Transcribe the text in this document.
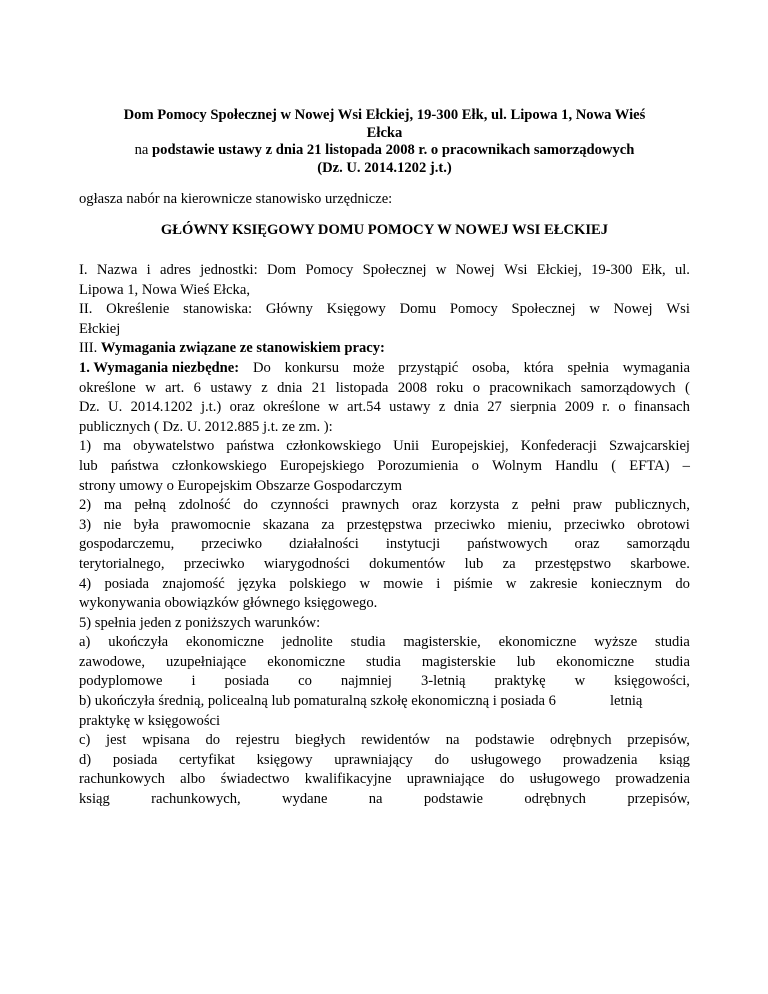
Dom Pomocy Społecznej w Nowej Wsi Ełckiej, 19-300 Ełk, ul. Lipowa 1, Nowa Wieś
Ełcka
na podstawie ustawy z dnia 21 listopada 2008 r. o pracownikach samorządowych
(Dz. U. 2014.1202 j.t.)
ogłasza nabór na kierownicze stanowisko urzędnicze:
GŁÓWNY KSIĘGOWY DOMU POMOCY W NOWEJ WSI EŁCKIEJ
I. Nazwa i adres jednostki: Dom Pomocy Społecznej w Nowej Wsi Ełckiej, 19-300 Ełk, ul.
Lipowa 1, Nowa Wieś Ełcka,
II. Określenie stanowiska: Główny Księgowy Domu Pomocy Społecznej w Nowej Wsi
Ełckiej
III. Wymagania związane ze stanowiskiem pracy:
1. Wymagania niezbędne: Do konkursu może przystąpić osoba, która spełnia wymagania
określone w art. 6 ustawy z dnia 21 listopada 2008 roku o pracownikach samorządowych (
Dz. U. 2014.1202 j.t.) oraz określone w art.54 ustawy z dnia 27 sierpnia 2009 r. o finansach
publicznych ( Dz. U. 2012.885 j.t. ze zm. ):
1) ma obywatelstwo państwa członkowskiego Unii Europejskiej, Konfederacji Szwajcarskiej
lub państwa członkowskiego Europejskiego Porozumienia o Wolnym Handlu ( EFTA) –
strony umowy o Europejskim Obszarze Gospodarczym
2) ma pełną zdolność do czynności prawnych oraz korzysta z pełni praw publicznych,
3) nie była prawomocnie skazana za przestępstwa przeciwko mieniu, przeciwko obrotowi
gospodarczemu, przeciwko działalności instytucji państwowych oraz samorządu
terytorialnego, przeciwko wiarygodności dokumentów lub za przestępstwo skarbowe.
4) posiada znajomość języka polskiego w mowie i piśmie w zakresie koniecznym do
wykonywania obowiązków głównego księgowego.
5) spełnia jeden z poniższych warunków:
a) ukończyła ekonomiczne jednolite studia magisterskie, ekonomiczne wyższe studia
zawodowe, uzupełniające ekonomiczne studia magisterskie lub ekonomiczne studia
podyplomowe i posiada co najmniej 3-letnią praktykę w księgowości,
b) ukończyła średnią, policealną lub pomaturalną szkołę ekonomiczną i posiada 6	letnią
praktykę w księgowości
c) jest wpisana do rejestru biegłych rewidentów na podstawie odrębnych przepisów,
d) posiada certyfikat księgowy uprawniający do usługowego prowadzenia ksiąg
rachunkowych albo świadectwo kwalifikacyjne uprawniające do usługowego prowadzenia
ksiąg	rachunkowych,	wydane	na	podstawie	odrębnych	przepisów,
